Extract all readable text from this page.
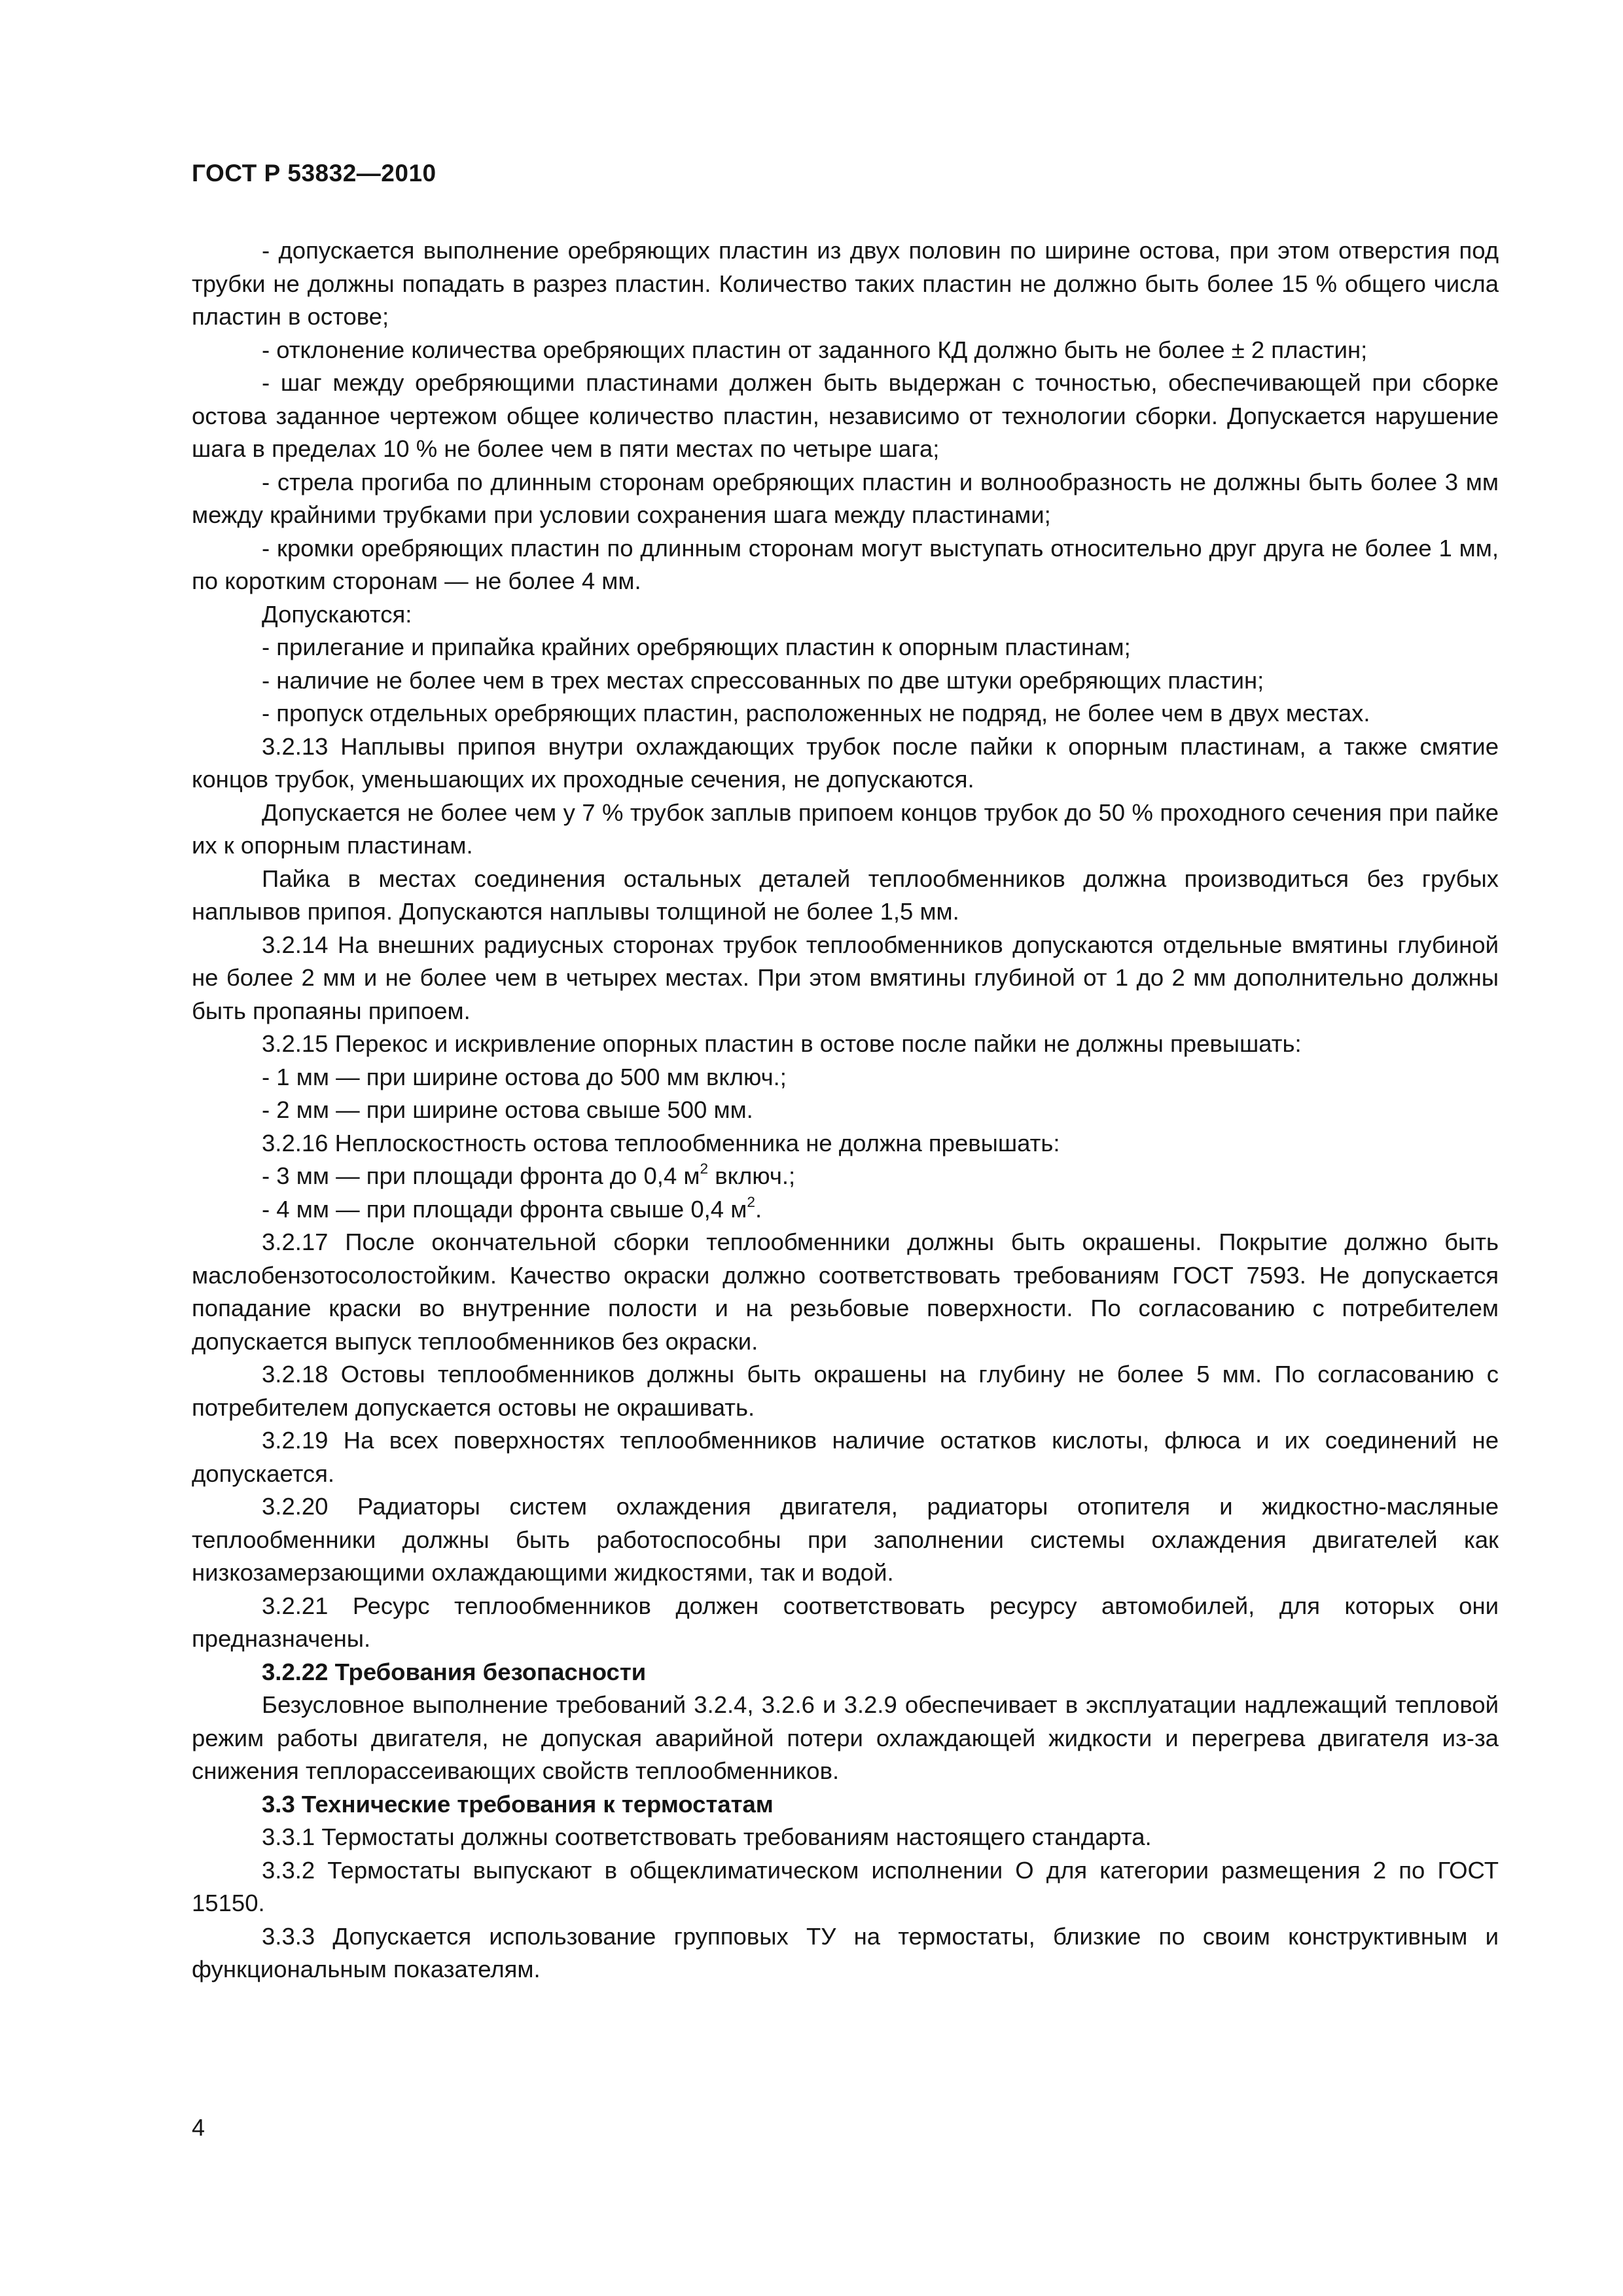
ГОСТ Р 53832—2010

- допускается выполнение оребряющих пластин из двух половин по ширине остова, при этом отверстия под трубки не должны попадать в разрез пластин. Количество таких пластин не должно быть более 15 % общего числа пластин в остове;

- отклонение количества оребряющих пластин от заданного КД должно быть не более ± 2 пластин;

- шаг между оребряющими пластинами должен быть выдержан с точностью, обеспечивающей при сборке остова заданное чертежом общее количество пластин, независимо от технологии сборки. Допускается нарушение шага в пределах 10 % не более чем в пяти местах по четыре шага;

- стрела прогиба по длинным сторонам оребряющих пластин и волнообразность не должны быть более 3 мм между крайними трубками при условии сохранения шага между пластинами;

- кромки оребряющих пластин по длинным сторонам могут выступать относительно друг друга не более 1 мм, по коротким сторонам — не более 4 мм.

Допускаются:

- прилегание и припайка крайних оребряющих пластин к опорным пластинам;

- наличие не более чем в трех местах спрессованных по две штуки оребряющих пластин;

- пропуск отдельных оребряющих пластин, расположенных не подряд, не более чем в двух местах.

3.2.13 Наплывы припоя внутри охлаждающих трубок после пайки к опорным пластинам, а также смятие концов трубок, уменьшающих их проходные сечения, не допускаются.

Допускается не более чем у 7 % трубок заплыв припоем концов трубок до 50 % проходного сечения при пайке их к опорным пластинам.

Пайка в местах соединения остальных деталей теплообменников должна производиться без грубых наплывов припоя. Допускаются наплывы толщиной не более 1,5 мм.

3.2.14 На внешних радиусных сторонах трубок теплообменников допускаются отдельные вмятины глубиной не более 2 мм и не более чем в четырех местах. При этом вмятины глубиной от 1 до 2 мм дополнительно должны быть пропаяны припоем.

3.2.15 Перекос и искривление опорных пластин в остове после пайки не должны превышать:

- 1 мм — при ширине остова до 500 мм включ.;

- 2 мм — при ширине остова свыше 500 мм.

3.2.16 Неплоскостность остова теплообменника не должна превышать:

- 3 мм — при площади фронта до 0,4 $м^2$ включ.;

- 4 мм — при площади фронта свыше 0,4 $м^2$.

3.2.17 После окончательной сборки теплообменники должны быть окрашены. Покрытие должно быть маслобензотосолостойким. Качество окраски должно соответствовать требованиям ГОСТ 7593. Не допускается попадание краски во внутренние полости и на резьбовые поверхности. По согласованию с потребителем допускается выпуск теплообменников без окраски.

3.2.18 Остовы теплообменников должны быть окрашены на глубину не более 5 мм. По согласованию с потребителем допускается остовы не окрашивать.

3.2.19 На всех поверхностях теплообменников наличие остатков кислоты, флюса и их соединений не допускается.

3.2.20 Радиаторы систем охлаждения двигателя, радиаторы отопителя и жидкостно-масляные теплообменники должны быть работоспособны при заполнении системы охлаждения двигателей как низкозамерзающими охлаждающими жидкостями, так и водой.

3.2.21 Ресурс теплообменников должен соответствовать ресурсу автомобилей, для которых они предназначены.

3.2.22 Требования безопасности

Безусловное выполнение требований 3.2.4, 3.2.6 и 3.2.9 обеспечивает в эксплуатации надлежащий тепловой режим работы двигателя, не допуская аварийной потери охлаждающей жидкости и перегрева двигателя из-за снижения теплорассеивающих свойств теплообменников.

3.3 Технические требования к термостатам

3.3.1 Термостаты должны соответствовать требованиям настоящего стандарта.

3.3.2 Термостаты выпускают в общеклиматическом исполнении О для категории размещения 2 по ГОСТ 15150.

3.3.3 Допускается использование групповых ТУ на термостаты, близкие по своим конструктивным и функциональным показателям.

4
